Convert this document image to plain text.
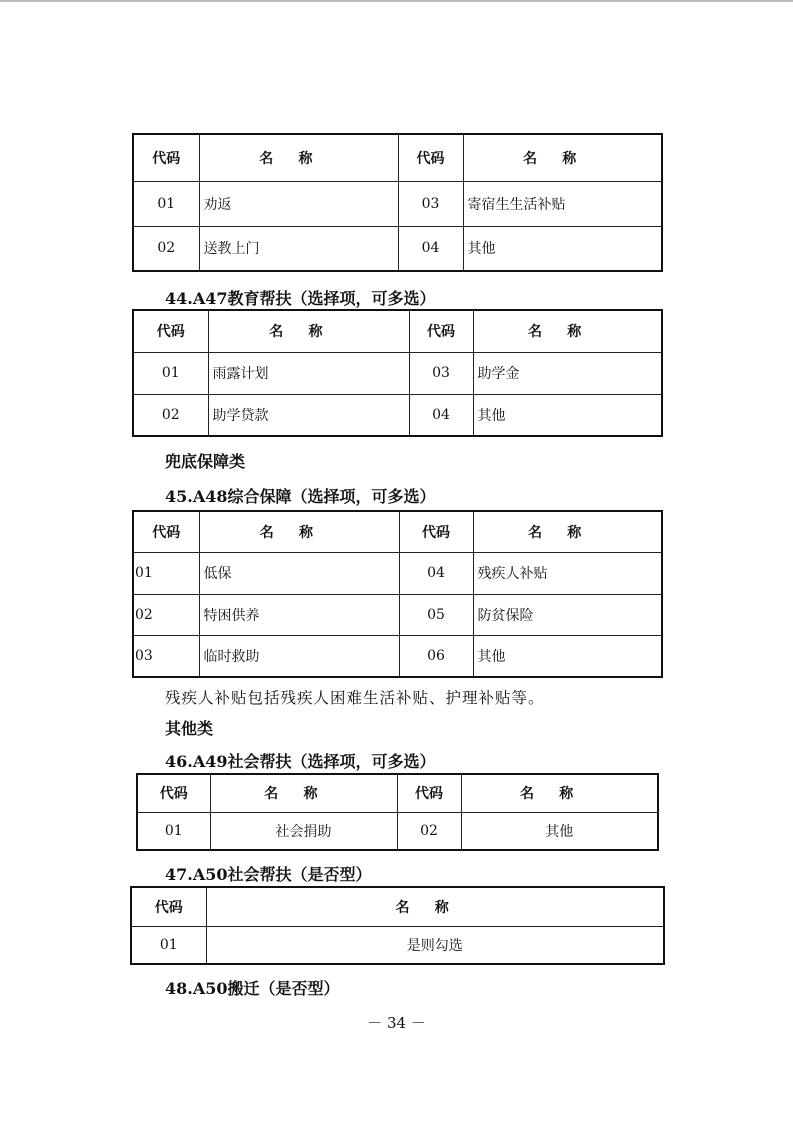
代码	名称	代码	名称
01	劝返	03	寄宿生生活补贴
02	送教上门	04	其他
44.A47教育帮扶（选择项，可多选）
代码	名称	代码	名称
01	雨露计划	03	助学金
02	助学贷款	04	其他
兜底保障类
45.A48综合保障（选择项，可多选）
代码	名称	代码	名称
01	低保	04	残疾人补贴
02	特困供养	05	防贫保险
03	临时救助	06	其他
残疾人补贴包括残疾人困难生活补贴、护理补贴等。
其他类
46.A49社会帮扶（选择项，可多选）
代码	名称	代码	名称
01	社会捐助	02	其他
47.A50社会帮扶（是否型）
代码	名称
01	是则勾选
48.A50搬迁（是否型）
－ 34 －
